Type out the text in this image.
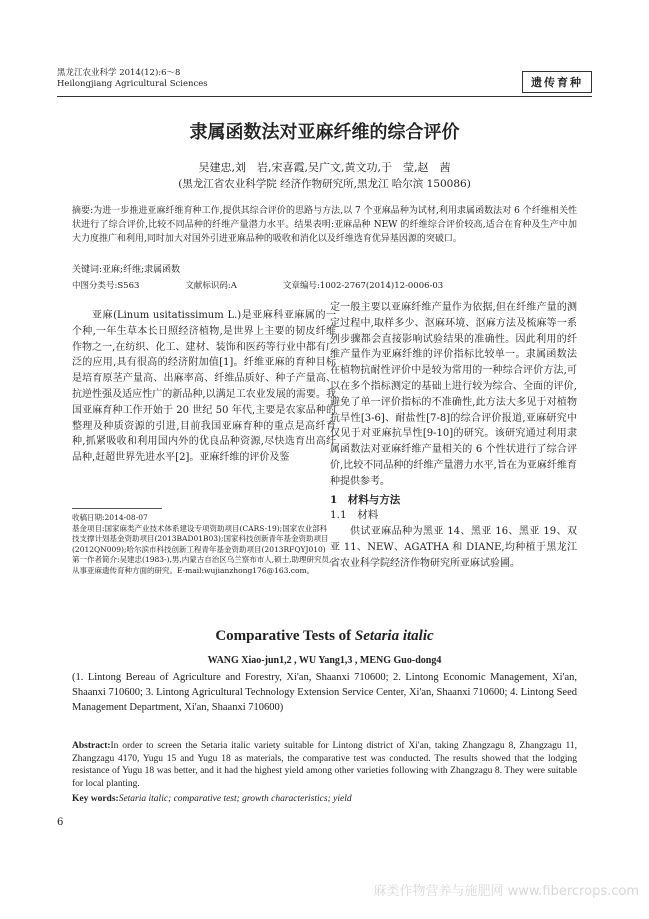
黑龙江农业科学 2014(12):6～8
Heilongjiang Agricultural Sciences	遗传育种
隶属函数法对亚麻纤维的综合评价
吴建忠,刘　岩,宋喜霞,吴广文,黄文功,于　莹,赵　茜
(黑龙江省农业科学院 经济作物研究所,黑龙江 哈尔滨 150086)
摘要:为进一步推进亚麻纤维育种工作,提供其综合评价的思路与方法,以 7 个亚麻品种为试材,利用隶属函数法对 6 个纤维相关性状进行了综合评价,比较不同品种的纤维产量潜力水平。结果表明:亚麻品种 NEW 的纤维综合评价较高,适合在育种及生产中加大力度推广和利用,同时加大对国外引进亚麻品种的吸收和消化以及纤维选育优异基因源的突破口。
关键词:亚麻;纤维;隶属函数
中图分类号:S563	文献标识码:A	文章编号:1002-2767(2014)12-0006-03
亚麻(Linum usitatissimum L.)是亚麻科亚麻属的一个种,一年生草本长日照经济植物,是世界上主要的韧皮纤维作物之一,在纺织、化工、建材、装饰和医药等行业中都有广泛的应用,具有很高的经济附加值[1]。纤维亚麻的育种目标是培育原茎产量高、出麻率高、纤维品质好、种子产量高、抗逆性强及适应性广的新品种,以满足工农业发展的需要。我国亚麻育种工作开始于 20 世纪 50 年代,主要是农家品种的整理及种质资源的引进,目前我国亚麻育种的重点是高纤育种,抓紧吸收和利用国内外的优良品种资源,尽快选育出高纤品种,赶超世界先进水平[2]。亚麻纤维的评价及鉴
定一般主要以亚麻纤维产量作为依据,但在纤维产量的测定过程中,取样多少、沤麻环境、沤麻方法及梳麻等一系列步骤都会直接影响试验结果的准确性。因此利用的纤维产量作为亚麻纤维的评价指标比较单一。隶属函数法在植物抗耐性评价中是较为常用的一种综合评价方法,可以在多个指标测定的基础上进行较为综合、全面的评价,避免了单一评价指标的不准确性,此方法大多见于对植物抗旱性[3-6]、耐盐性[7-8]的综合评价报道,亚麻研究中仅见于对亚麻抗旱性[9-10]的研究。该研究通过利用隶属函数法对亚麻纤维产量相关的 6 个性状进行了综合评价,比较不同品种的纤维产量潜力水平,旨在为亚麻纤维育种提供参考。
1　材料与方法
1.1　材料
供试亚麻品种为黑亚 14、黑亚 16、黑亚 19、双亚 11、NEW、AGATHA 和 DIANE,均种植于黑龙江省农业科学院经济作物研究所亚麻试验圃。
收稿日期:2014-08-07
基金项目:国家麻类产业技术体系建设专项资助项目(CARS-19);国家农业部科技支撑计划基金资助项目(2013BAD01B03);国家科技创新青年基金资助项目(2012QN009);哈尔滨市科技创新工程青年基金资助项目(2013RFQYJ010)
第一作者简介:吴建忠(1983-),男,内蒙古自治区乌兰察布市人,硕士,助理研究员,从事亚麻遗传育种方面的研究。E-mail:wujianzhong176@163.com。
Comparative Tests of Setaria italic
WANG Xiao-jun1,2 , WU Yang1,3 , MENG Guo-dong4
(1. Lintong Bereau of Agriculture and Forestry, Xi'an, Shaanxi 710600; 2. Lintong Economic Management, Xi'an, Shaanxi 710600; 3. Lintong Agricultural Technology Extension Service Center, Xi'an, Shaanxi 710600; 4. Lintong Seed Management Department, Xi'an, Shaanxi 710600)
Abstract:In order to screen the Setaria italic variety suitable for Lintong district of Xi'an, taking Zhangzagu 8, Zhangzagu 11, Zhangzagu 4170, Yugu 15 and Yugu 18 as materials, the comparative test was conducted. The results showed that the lodging resistance of Yugu 18 was better, and it had the highest yield among other varieties following with Zhangzagu 8. They were suitable for local planting.
Key words:Setaria italic; comparative test; growth characteristics; yield
6
麻类作物营养与施肥网 www.fibercrops.com
